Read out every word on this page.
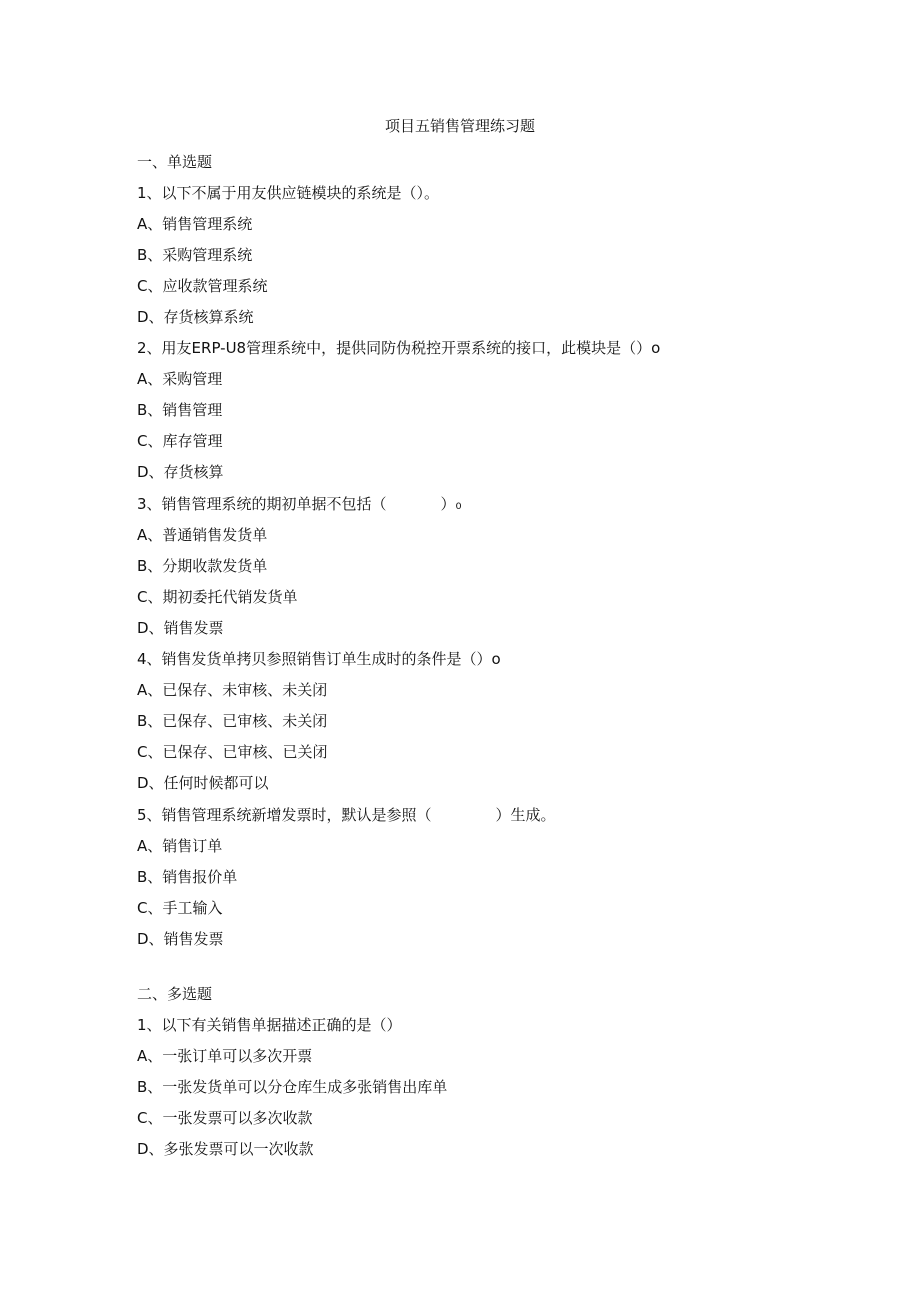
项目五销售管理练习题
一、单选题
1、以下不属于用友供应链模块的系统是（）。
A、销售管理系统
B、采购管理系统
C、应收款管理系统
D、存货核算系统
2、用友ERP-U8管理系统中，提供同防伪税控开票系统的接口，此模块是（）o
A、采购管理
B、销售管理
C、库存管理
D、存货核算
3、销售管理系统的期初单据不包括（	）₀
A、普通销售发货单
B、分期收款发货单
C、期初委托代销发货单
D、销售发票
4、销售发货单拷贝参照销售订单生成时的条件是（）o
A、已保存、未审核、未关闭
B、已保存、已审核、未关闭
C、已保存、已审核、已关闭
D、任何时候都可以
5、销售管理系统新增发票时，默认是参照（	）生成。
A、销售订单
B、销售报价单
C、手工输入
D、销售发票
二、多选题
1、以下有关销售单据描述正确的是（）
A、一张订单可以多次开票
B、一张发货单可以分仓库生成多张销售出库单
C、一张发票可以多次收款
D、多张发票可以一次收款
